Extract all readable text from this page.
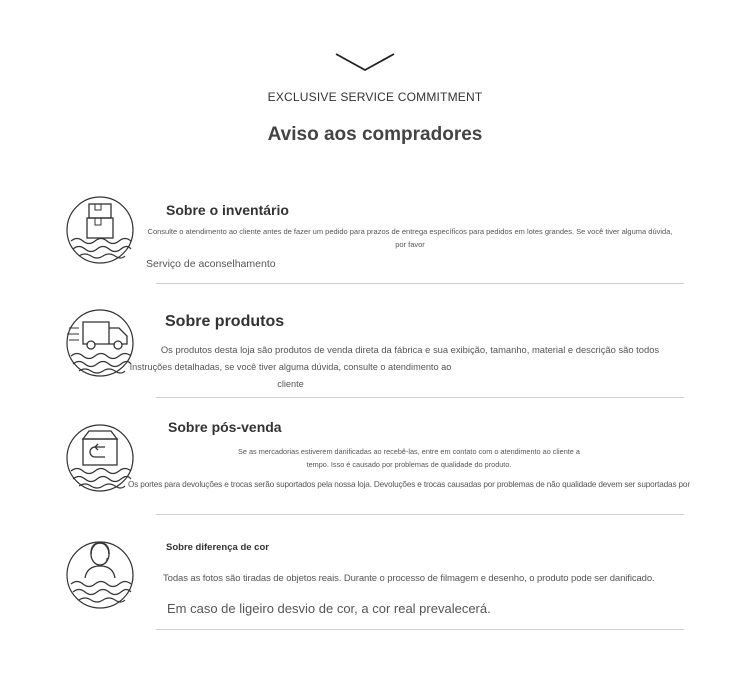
EXCLUSIVE SERVICE COMMITMENT
Aviso aos compradores
Sobre o inventário
Consulte o atendimento ao cliente antes de fazer um pedido para prazos de entrega específicos para pedidos em lotes grandes. Se você tiver alguma dúvida,
por favor
Serviço de aconselhamento
Sobre produtos
Os produtos desta loja são produtos de venda direta da fábrica e sua exibição, tamanho, material e descrição são todos
Instruções detalhadas, se você tiver alguma dúvida, consulte o atendimento ao
cliente
Sobre pós-venda
Se as mercadorias estiverem danificadas ao recebê-las, entre em contato com o atendimento ao cliente a
tempo. Isso é causado por problemas de qualidade do produto.
Os portes para devoluções e trocas serão suportados pela nossa loja. Devoluções e trocas causadas por problemas de não qualidade devem ser suportadas por
Sobre diferença de cor
Todas as fotos são tiradas de objetos reais. Durante o processo de filmagem e desenho, o produto pode ser danificado.
Em caso de ligeiro desvio de cor, a cor real prevalecerá.
